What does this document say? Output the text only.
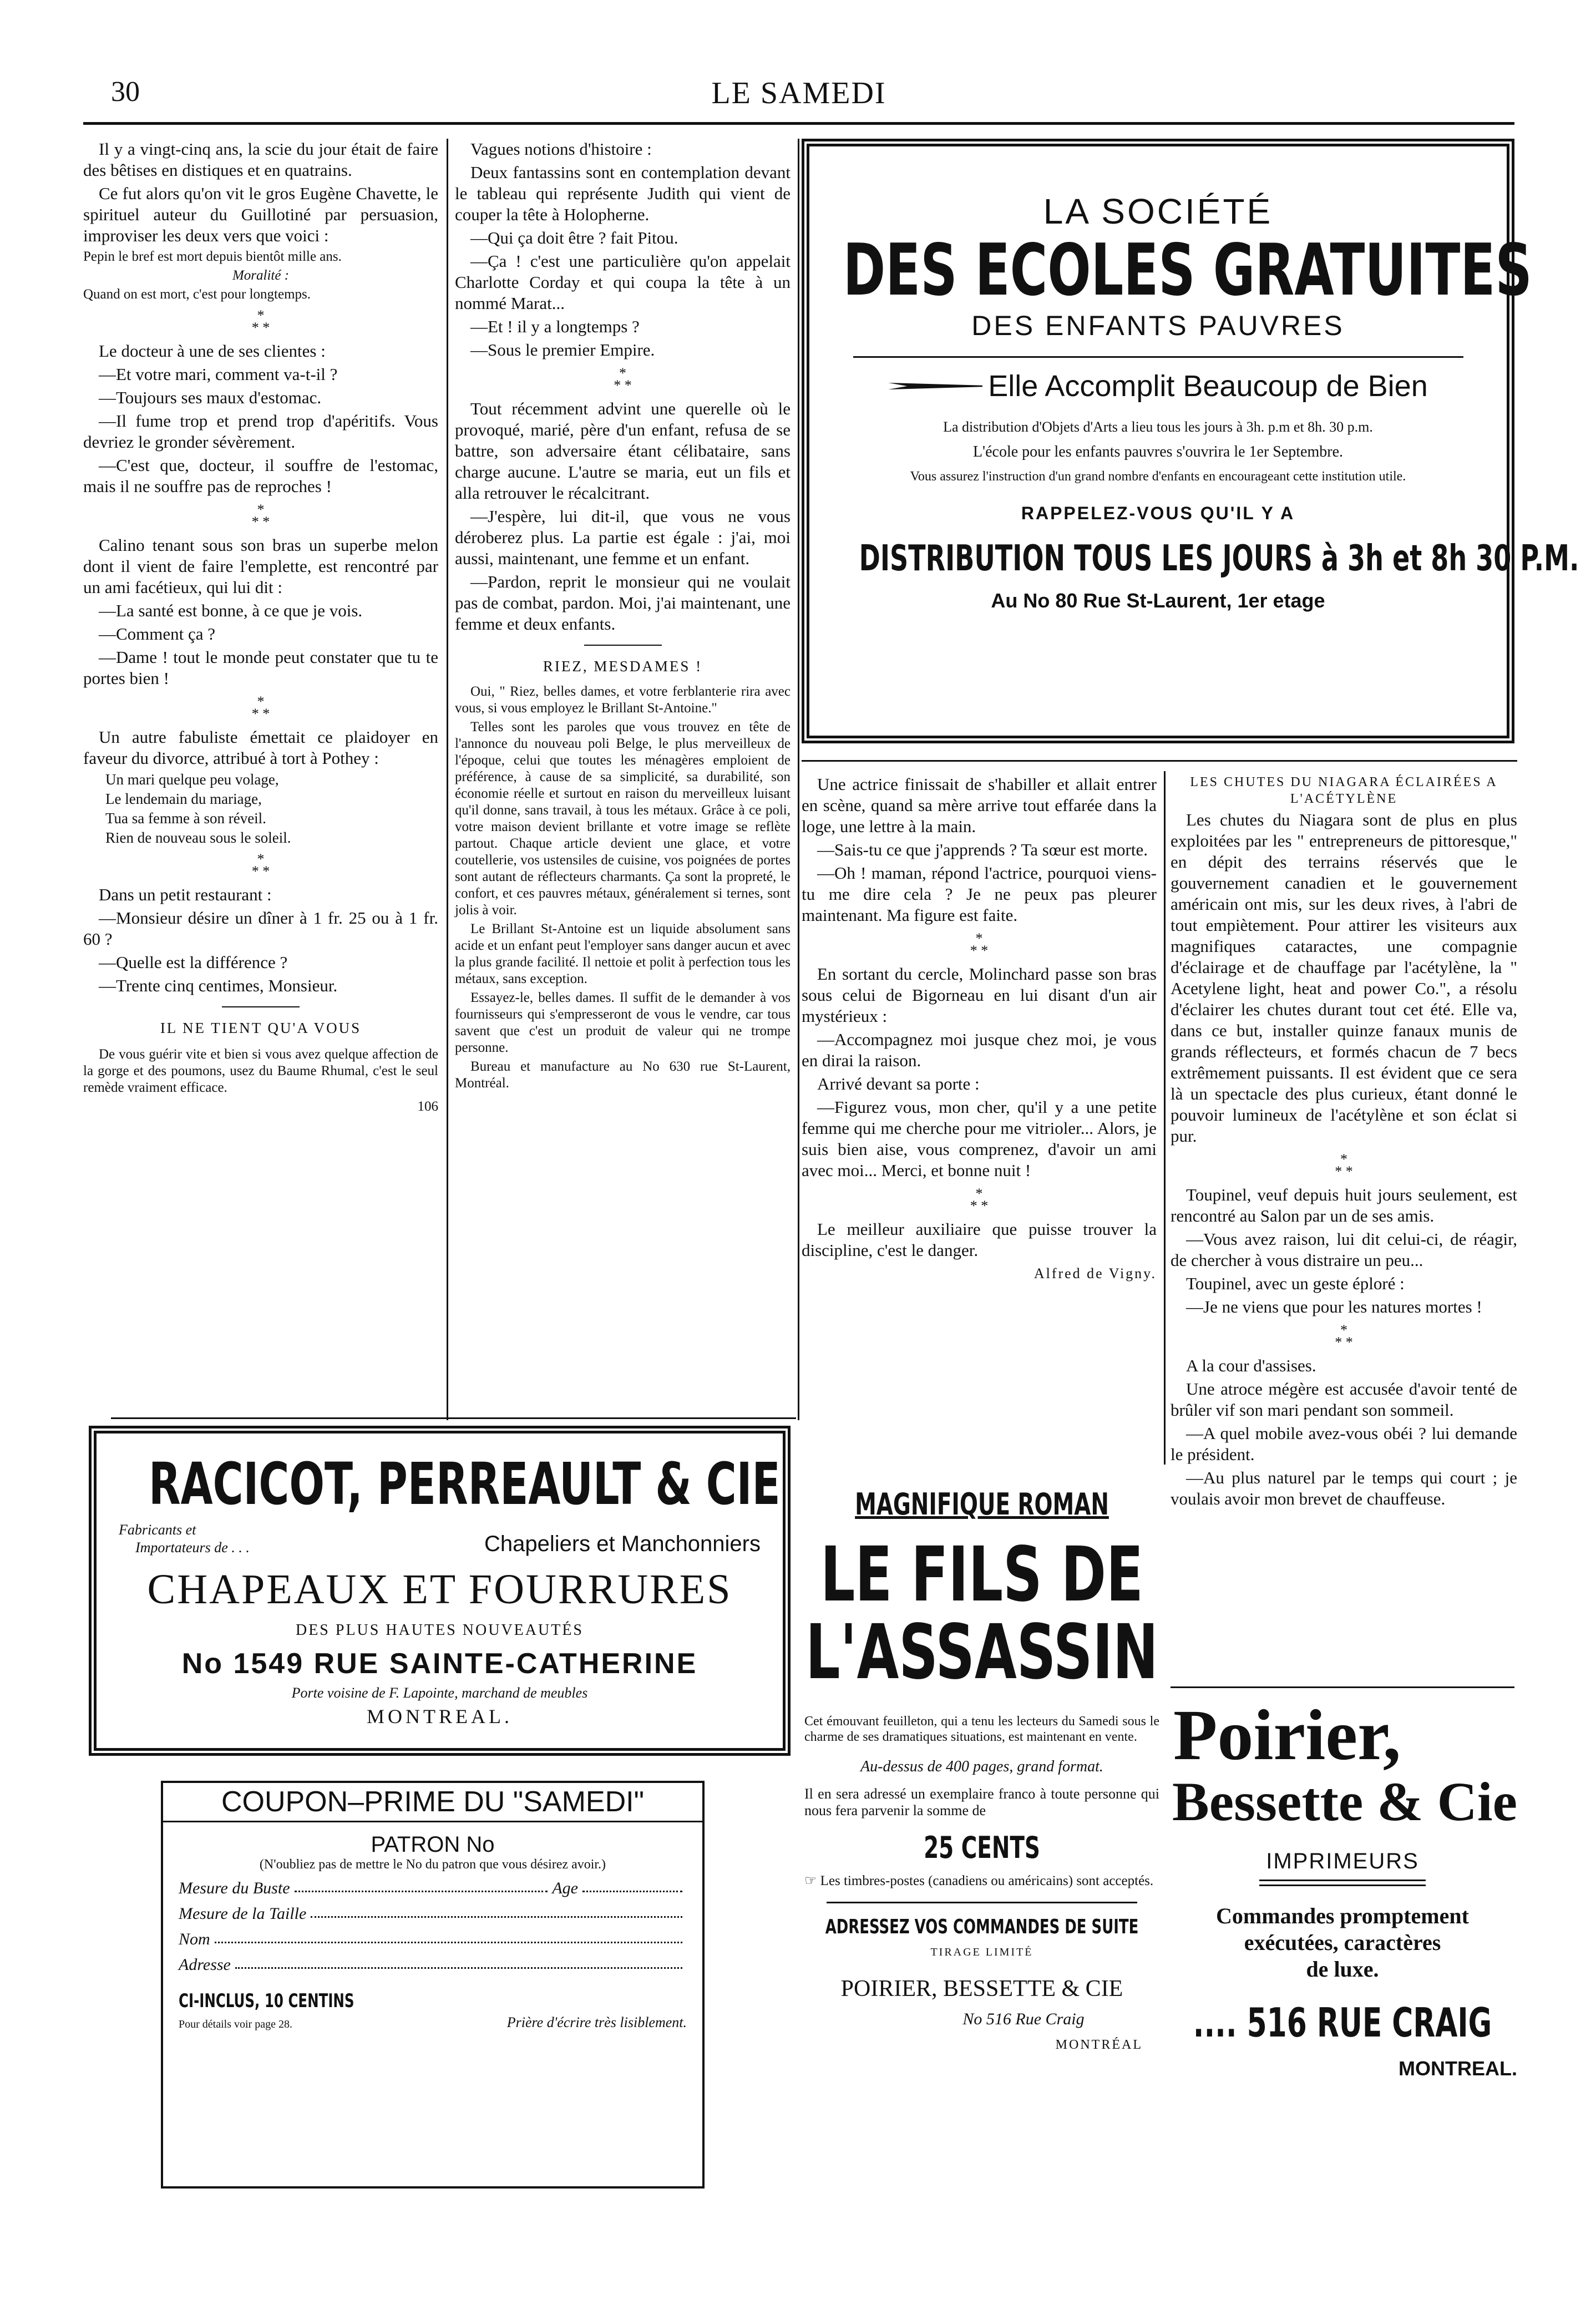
30	LE SAMEDI

Il y a vingt-cinq ans, la scie du jour était de faire des bêtises en distiques et en quatrains.

Ce fut alors qu'on vit le gros Eugène Chavette, le spirituel auteur du Guillotiné par persuasion, improviser les deux vers que voici :

Pepin le bref est mort depuis bientôt mille ans.

Moralité :

Quand on est mort, c'est pour longtemps.

*
* *

Le docteur à une de ses clientes :

—Et votre mari, comment va-t-il ?

—Toujours ses maux d'estomac.

—Il fume trop et prend trop d'apéritifs. Vous devriez le gronder sévèrement.

—C'est que, docteur, il souffre de l'estomac, mais il ne souffre pas de reproches !

*
* *

Calino tenant sous son bras un superbe melon dont il vient de faire l'emplette, est rencontré par un ami facétieux, qui lui dit :

—La santé est bonne, à ce que je vois.

—Comment ça ?

—Dame ! tout le monde peut constater que tu te portes bien !

*
* *

Un autre fabuliste émettait ce plaidoyer en faveur du divorce, attribué à tort à Pothey :

Un mari quelque peu volage,

Le lendemain du mariage,

Tua sa femme à son réveil.

Rien de nouveau sous le soleil.

*
* *

Dans un petit restaurant :

—Monsieur désire un dîner à 1 fr. 25 ou à 1 fr. 60 ?

—Quelle est la différence ?

—Trente cinq centimes, Monsieur.

IL NE TIENT QU'A VOUS

De vous guérir vite et bien si vous avez quelque affection de la gorge et des poumons, usez du Baume Rhumal, c'est le seul remède vraiment efficace.

106

Vagues notions d'histoire :

Deux fantassins sont en contemplation devant le tableau qui représente Judith qui vient de couper la tête à Holopherne.

—Qui ça doit être ? fait Pitou.

—Ça ! c'est une particulière qu'on appelait Charlotte Corday et qui coupa la tête à un nommé Marat...

—Et ! il y a longtemps ?

—Sous le premier Empire.

*
* *

Tout récemment advint une querelle où le provoqué, marié, père d'un enfant, refusa de se battre, son adversaire étant célibataire, sans charge aucune. L'autre se maria, eut un fils et alla retrouver le récalcitrant.

—J'espère, lui dit-il, que vous ne vous déroberez plus. La partie est égale : j'ai, moi aussi, maintenant, une femme et un enfant.

—Pardon, reprit le monsieur qui ne voulait pas de combat, pardon. Moi, j'ai maintenant, une femme et deux enfants.

RIEZ, MESDAMES !

Oui, " Riez, belles dames, et votre ferblanterie rira avec vous, si vous employez le Brillant St-Antoine."

Telles sont les paroles que vous trouvez en tête de l'annonce du nouveau poli Belge, le plus merveilleux de l'époque, celui que toutes les ménagères emploient de préférence, à cause de sa simplicité, sa durabilité, son économie réelle et surtout en raison du merveilleux luisant qu'il donne, sans travail, à tous les métaux. Grâce à ce poli, votre maison devient brillante et votre image se reflète partout. Chaque article devient une glace, et votre coutellerie, vos ustensiles de cuisine, vos poignées de portes sont autant de réflecteurs charmants. Ça sont la propreté, le confort, et ces pauvres métaux, généralement si ternes, sont jolis à voir.

Le Brillant St-Antoine est un liquide absolument sans acide et un enfant peut l'employer sans danger aucun et avec la plus grande facilité. Il nettoie et polit à perfection tous les métaux, sans exception.

Essayez-le, belles dames. Il suffit de le demander à vos fournisseurs qui s'empresseront de vous le vendre, car tous savent que c'est un produit de valeur qui ne trompe personne.

Bureau et manufacture au No 630 rue St-Laurent, Montréal.

LA SOCIÉTÉ
DES ECOLES GRATUITES
DES ENFANTS PAUVRES
Elle Accomplit Beaucoup de Bien
La distribution d'Objets d'Arts a lieu tous les jours à 3h. p.m et 8h. 30 p.m.
L'école pour les enfants pauvres s'ouvrira le 1er Septembre.
Vous assurez l'instruction d'un grand nombre d'enfants en encourageant cette institution utile.
RAPPELEZ-VOUS QU'IL Y A
DISTRIBUTION TOUS LES JOURS à 3h et 8h 30 P.M.
Au No 80 Rue St-Laurent, 1er etage

Une actrice finissait de s'habiller et allait entrer en scène, quand sa mère arrive tout effarée dans la loge, une lettre à la main.

—Sais-tu ce que j'apprends ? Ta sœur est morte.

—Oh ! maman, répond l'actrice, pourquoi viens-tu me dire cela ? Je ne peux pas pleurer maintenant. Ma figure est faite.

*
* *

En sortant du cercle, Molinchard passe son bras sous celui de Bigorneau en lui disant d'un air mystérieux :

—Accompagnez moi jusque chez moi, je vous en dirai la raison.

Arrivé devant sa porte :

—Figurez vous, mon cher, qu'il y a une petite femme qui me cherche pour me vitrioler... Alors, je suis bien aise, vous comprenez, d'avoir un ami avec moi... Merci, et bonne nuit !

*
* *

Le meilleur auxiliaire que puisse trouver la discipline, c'est le danger.

Alfred de Vigny.

LES CHUTES DU NIAGARA ÉCLAIRÉES A L'ACÉTYLÈNE

Les chutes du Niagara sont de plus en plus exploitées par les " entrepreneurs de pittoresque," en dépit des terrains réservés que le gouvernement canadien et le gouvernement américain ont mis, sur les deux rives, à l'abri de tout empiètement. Pour attirer les visiteurs aux magnifiques cataractes, une compagnie d'éclairage et de chauffage par l'acétylène, la " Acetylene light, heat and power Co.", a résolu d'éclairer les chutes durant tout cet été. Elle va, dans ce but, installer quinze fanaux munis de grands réflecteurs, et formés chacun de 7 becs extrêmement puissants. Il est évident que ce sera là un spectacle des plus curieux, étant donné le pouvoir lumineux de l'acétylène et son éclat si pur.

*
* *

Toupinel, veuf depuis huit jours seulement, est rencontré au Salon par un de ses amis.

—Vous avez raison, lui dit celui-ci, de réagir, de chercher à vous distraire un peu...

Toupinel, avec un geste éploré :

—Je ne viens que pour les natures mortes !

*
* *

A la cour d'assises.

Une atroce mégère est accusée d'avoir tenté de brûler vif son mari pendant son sommeil.

—A quel mobile avez-vous obéi ? lui demande le président.

—Au plus naturel par le temps qui court ; je voulais avoir mon brevet de chauffeuse.

RACICOT, PERREAULT & CIE
Fabricants et
Importateurs de . . .	Chapeliers et Manchonniers
CHAPEAUX ET FOURRURES
DES PLUS HAUTES NOUVEAUTÉS
No 1549 RUE SAINTE-CATHERINE
Porte voisine de F. Lapointe, marchand de meubles
MONTREAL.
COUPON–PRIME DU "SAMEDI"
PATRON No
(N'oubliez pas de mettre le No du patron que vous désirez avoir.)
Mesure du Buste	Age
Mesure de la Taille
Nom
Adresse
CI-INCLUS, 10 CENTINS
Pour détails voir page 28.	Prière d'écrire très lisiblement.
MAGNIFIQUE ROMAN
LE FILS DE
L'ASSASSIN
Cet émouvant feuilleton, qui a tenu les lecteurs du Samedi sous le charme de ses dramatiques situations, est maintenant en vente.
Au-dessus de 400 pages, grand format.
Il en sera adressé un exemplaire franco à toute personne qui nous fera parvenir la somme de
25 CENTS
☞ Les timbres-postes (canadiens ou américains) sont acceptés.
ADRESSEZ VOS COMMANDES DE SUITE
TIRAGE LIMITÉ
POIRIER, BESSETTE & CIE
No 516 Rue Craig
MONTRÉAL
Poirier,
Bessette & Cie
IMPRIMEURS
Commandes promptement
exécutées, caractères
de luxe.
.... 516 RUE CRAIG
MONTREAL.
